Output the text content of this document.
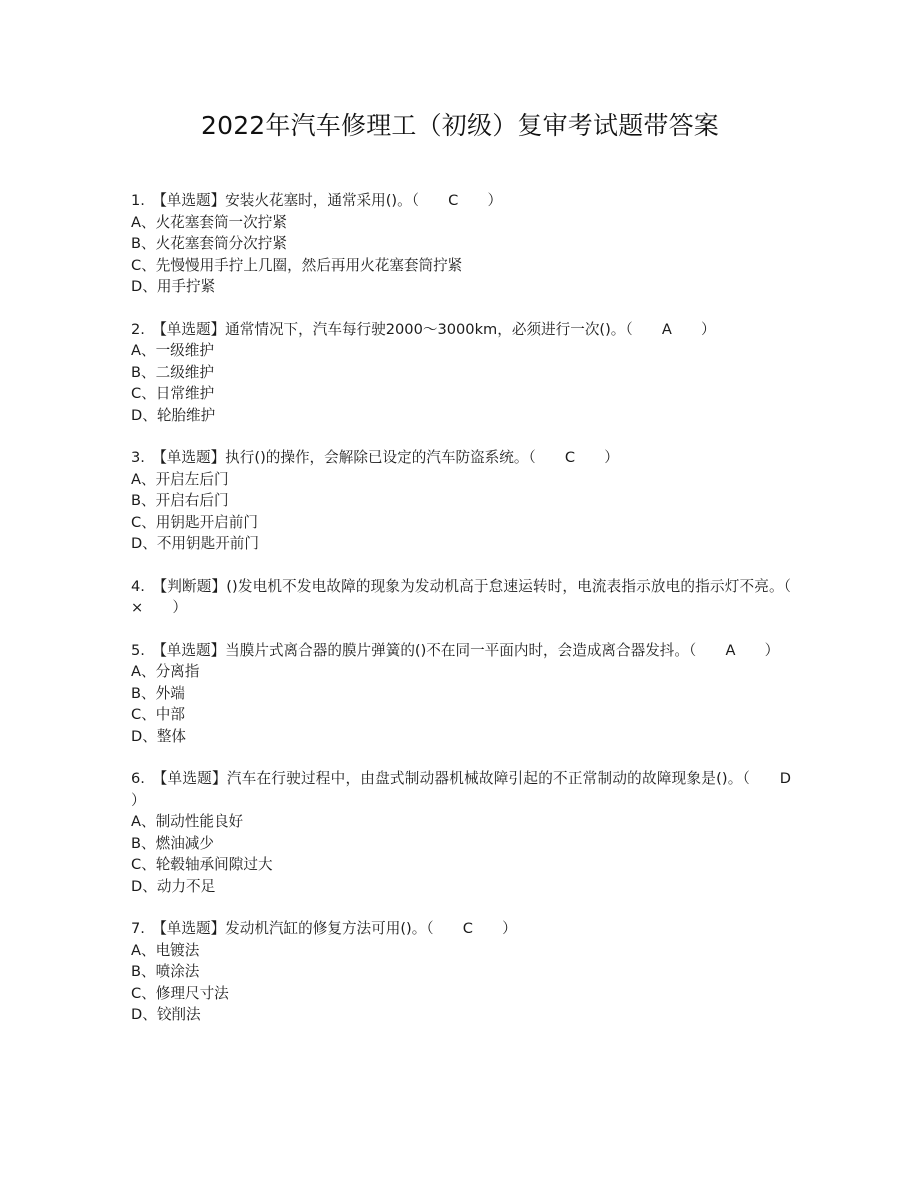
2022年汽车修理工（初级）复审考试题带答案

1.　【单选题】安装火花塞时，通常采用()。（　　C　　）

A、火花塞套筒一次拧紧

B、火花塞套筒分次拧紧

C、先慢慢用手拧上几圈，然后再用火花塞套筒拧紧

D、用手拧紧

2.　【单选题】通常情况下，汽车每行驶2000～3000km，必须进行一次()。（　　A　　）

A、一级维护

B、二级维护

C、日常维护

D、轮胎维护

3.　【单选题】执行()的操作，会解除已设定的汽车防盗系统。（　　C　　）

A、开启左后门

B、开启右后门

C、用钥匙开启前门

D、不用钥匙开前门

4.　【判断题】()发电机不发电故障的现象为发动机高于怠速运转时，电流表指示放电的指示灯不亮。（　　×　　）

5.　【单选题】当膜片式离合器的膜片弹簧的()不在同一平面内时，会造成离合器发抖。（　　A　　）

A、分离指

B、外端

C、中部

D、整体

6.　【单选题】汽车在行驶过程中，由盘式制动器机械故障引起的不正常制动的故障现象是()。（　　D　　）

A、制动性能良好

B、燃油减少

C、轮毂轴承间隙过大

D、动力不足

7.　【单选题】发动机汽缸的修复方法可用()。（　　C　　）

A、电镀法

B、喷涂法

C、修理尺寸法

D、铰削法
